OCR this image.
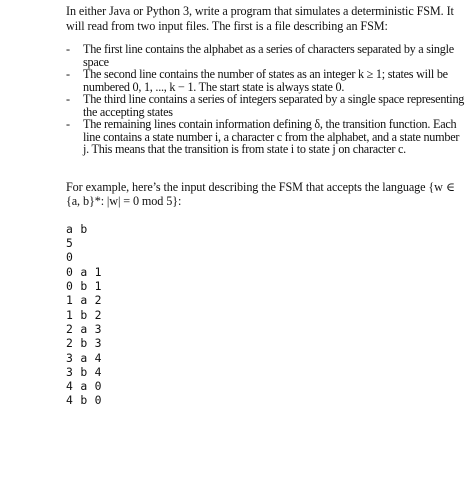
In either Java or Python 3, write a program that simulates a deterministic FSM. It will read from two input files. The first is a file describing an FSM:

- The first line contains the alphabet as a series of characters separated by a single space
- The second line contains the number of states as an integer k ≥ 1; states will be numbered 0, 1, ..., k − 1. The start state is always state 0.
- The third line contains a series of integers separated by a single space representing the accepting states
- The remaining lines contain information defining δ, the transition function. Each line contains a state number i, a character c from the alphabet, and a state number j. This means that the transition is from state i to state j on character c.

For example, here’s the input describing the FSM that accepts the language {w ∈ {a, b}*: |w| = 0 mod 5}:

a b
5
0
0 a 1
0 b 1
1 a 2
1 b 2
2 a 3
2 b 3
3 a 4
3 b 4
4 a 0
4 b 0
